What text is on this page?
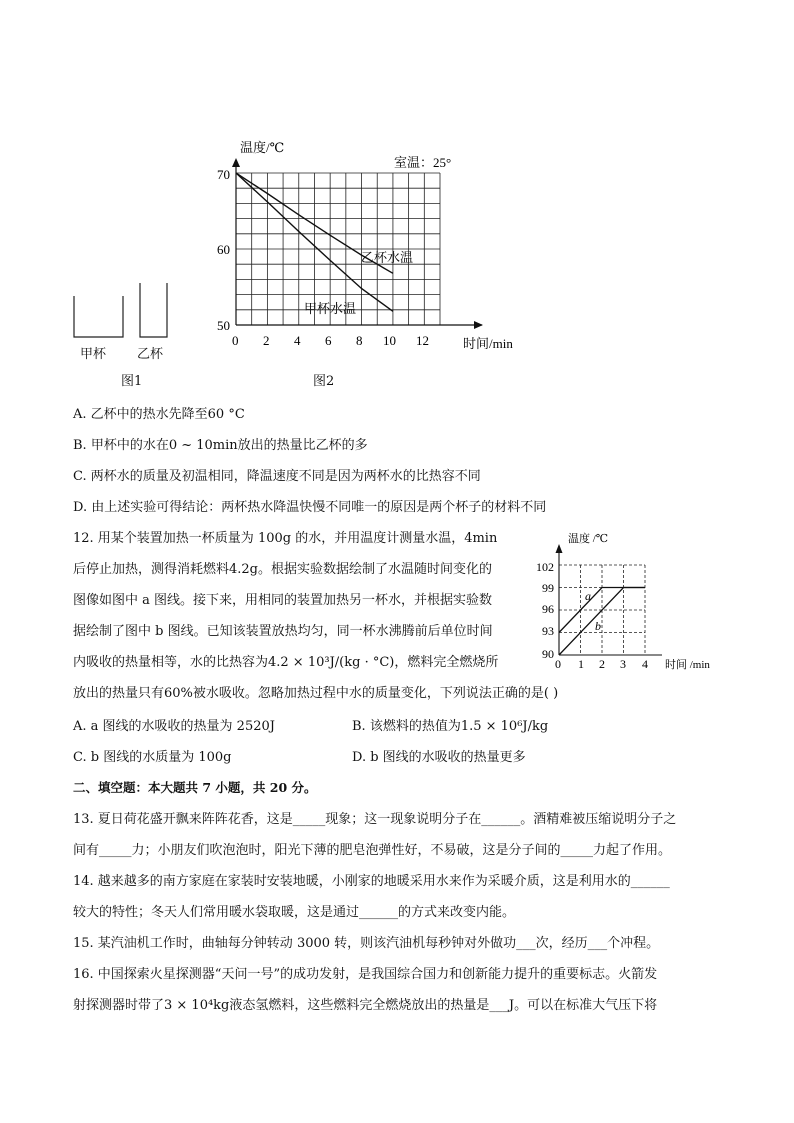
甲杯 乙杯
图1
温度/℃
室温：25°
时间/min
70
60
50
0 2 4 6 8 10 12
乙杯水温
甲杯水温
图2
A. 乙杯中的热水先降至60 °C
B. 甲杯中的水在0 ~ 10min放出的热量比乙杯的多
C. 两杯水的质量及初温相同，降温速度不同是因为两杯水的比热容不同
D. 由上述实验可得结论：两杯热水降温快慢不同唯一的原因是两个杯子的材料不同
12. 用某个装置加热一杯质量为 100g 的水，并用温度计测量水温，4min
后停止加热，测得消耗燃料4.2g。根据实验数据绘制了水温随时间变化的
图像如图中 a 图线。接下来，用相同的装置加热另一杯水，并根据实验数
据绘制了图中 b 图线。已知该装置放热均匀，同一杯水沸腾前后单位时间
内吸收的热量相等，水的比热容为4.2 × 10³J/(kg · °C)，燃料完全燃烧所
放出的热量只有60%被水吸收。忽略加热过程中水的质量变化，下列说法正确的是( )
温度 /℃
时间 /min
102
99
96
93
90
0 1 2 3 4
a
b
A. a 图线的水吸收的热量为 2520J	B. 该燃料的热值为1.5 × 10⁶J/kg
C. b 图线的水质量为 100g	D. b 图线的水吸收的热量更多
二、填空题：本大题共 7 小题，共 20 分。
13. 夏日荷花盛开飘来阵阵花香，这是_____现象；这一现象说明分子在______。酒精难被压缩说明分子之
间有_____力；小朋友们吹泡泡时，阳光下薄的肥皂泡弹性好，不易破，这是分子间的_____力起了作用。
14. 越来越多的南方家庭在家装时安装地暖，小刚家的地暖采用水来作为采暖介质，这是利用水的______
较大的特性；冬天人们常用暖水袋取暖，这是通过______的方式来改变内能。
15. 某汽油机工作时，曲轴每分钟转动 3000 转，则该汽油机每秒钟对外做功___次，经历___个冲程。
16. 中国探索火星探测器“天问一号”的成功发射，是我国综合国力和创新能力提升的重要标志。火箭发
射探测器时带了3 × 10⁴kg液态氢燃料，这些燃料完全燃烧放出的热量是___J。可以在标准大气压下将
